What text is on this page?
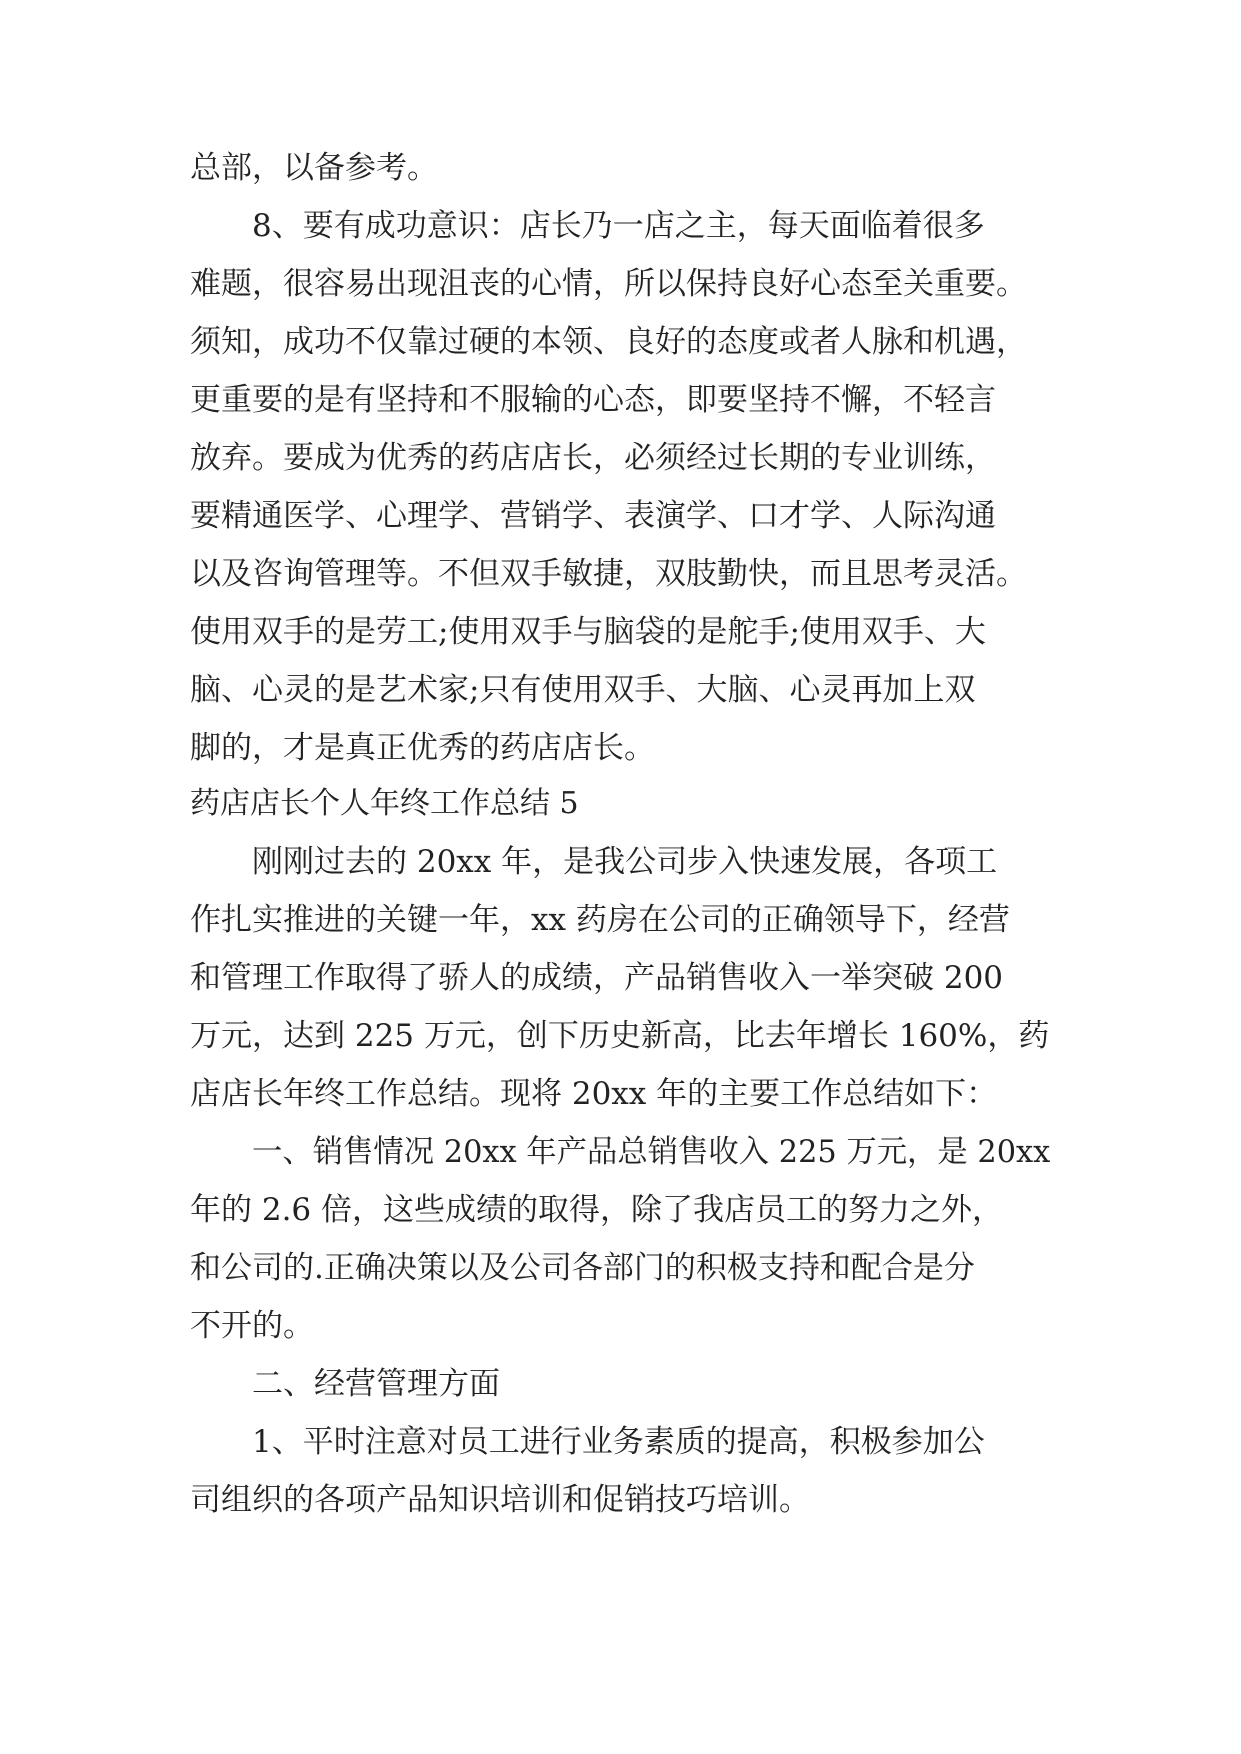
总部，以备参考。
8、要有成功意识：店长乃一店之主，每天面临着很多
难题，很容易出现沮丧的心情，所以保持良好心态至关重要。
须知，成功不仅靠过硬的本领、良好的态度或者人脉和机遇，
更重要的是有坚持和不服输的心态，即要坚持不懈，不轻言
放弃。要成为优秀的药店店长，必须经过长期的专业训练，
要精通医学、心理学、营销学、表演学、口才学、人际沟通
以及咨询管理等。不但双手敏捷，双肢勤快，而且思考灵活。
使用双手的是劳工;使用双手与脑袋的是舵手;使用双手、大
脑、心灵的是艺术家;只有使用双手、大脑、心灵再加上双
脚的，才是真正优秀的药店店长。
药店店长个人年终工作总结 5
刚刚过去的 20xx 年，是我公司步入快速发展，各项工
作扎实推进的关键一年，xx 药房在公司的正确领导下，经营
和管理工作取得了骄人的成绩，产品销售收入一举突破 200
万元，达到 225 万元，创下历史新高，比去年增长 160%，药
店店长年终工作总结。现将 20xx 年的主要工作总结如下：
一、销售情况 20xx 年产品总销售收入 225 万元，是 20xx
年的 2.6 倍，这些成绩的取得，除了我店员工的努力之外，
和公司的.正确决策以及公司各部门的积极支持和配合是分
不开的。
二、经营管理方面
1、平时注意对员工进行业务素质的提高，积极参加公
司组织的各项产品知识培训和促销技巧培训。
